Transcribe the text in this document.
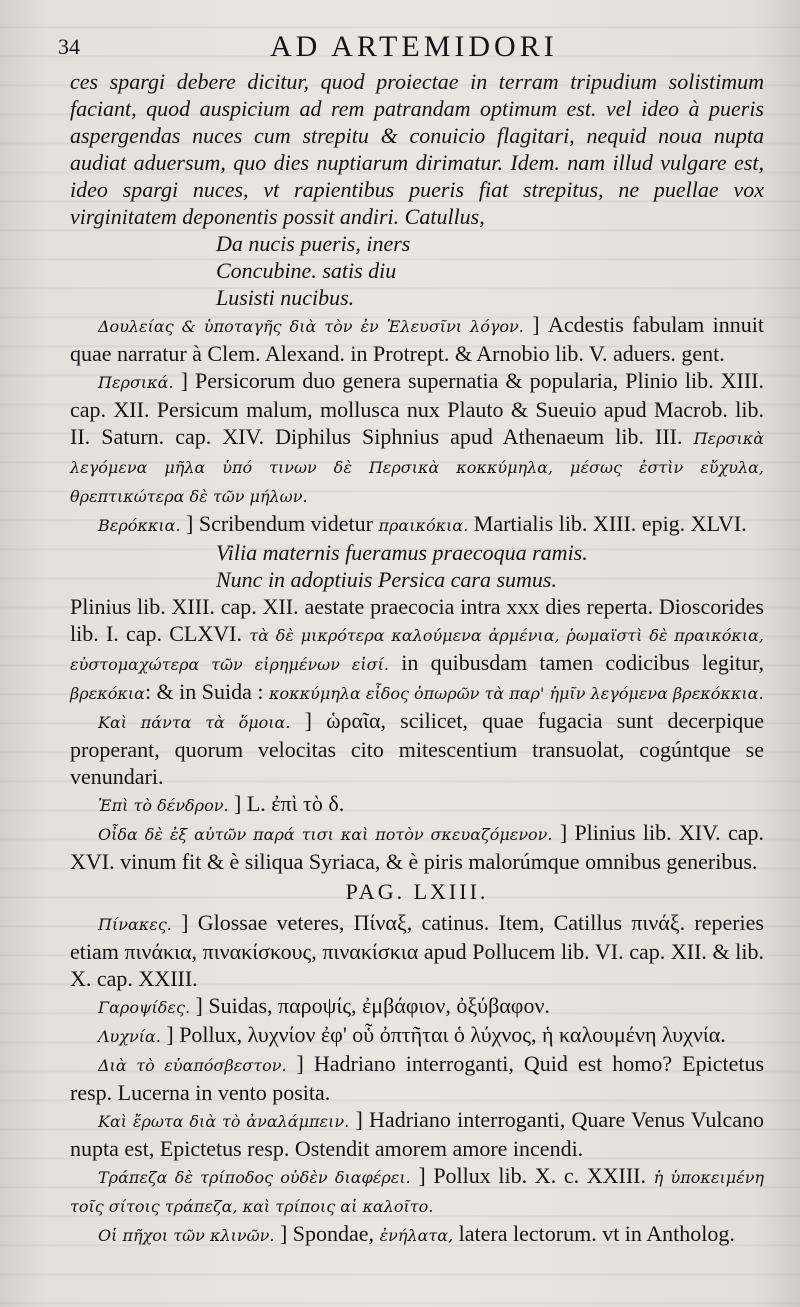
34	AD ARTEMIDORI

ces spargi debere dicitur, quod proiectae in terram tripudium solistimum faciant, quod auspicium ad rem patrandam optimum est. vel ideo à pueris aspergendas nuces cum strepitu & conuicio flagitari, nequid noua nupta audiat aduersum, quo dies nuptiarum dirimatur. Idem. nam illud vulgare est, ideo spargi nuces, vt rapientibus pueris fiat strepitus, ne puellae vox virginitatem deponentis possit andiri. Catullus,

Da nucis pueris, iners

Concubine. satis diu

Lusisti nucibus.

Δουλείας & ὑποταγῆς διὰ τὸν ἐν Ἐλευσῖνι λόγον. ] Acdestis fabulam innuit quae narratur à Clem. Alexand. in Protrept. & Arnobio lib. V. aduers. gent.

Περσικά. ] Persicorum duo genera supernatia & popularia, Plinio lib. XIII. cap. XII. Persicum malum, mollusca nux Plauto & Sueuio apud Macrob. lib. II. Saturn. cap. XIV. Diphilus Siphnius apud Athenaeum lib. III. Περσικὰ λεγόμενα μῆλα ὑπό τινων δὲ Περσικὰ κοκκύμηλα, μέσως ἐστὶν εὔχυλα, θρεπτικώτερα δὲ τῶν μήλων.

Βερόκκια. ] Scribendum videtur πραικόκια. Martialis lib. XIII. epig. XLVI.

Vilia maternis fueramus praecoqua ramis.

Nunc in adoptiuis Persica cara sumus.

Plinius lib. XIII. cap. XII. aestate praecocia intra xxx dies reperta. Dioscorides lib. I. cap. CLXVI. τὰ δὲ μικρότερα καλούμενα ἀρμένια, ῥωμαϊστὶ δὲ πραικόκια, εὐστομαχώτερα τῶν εἰρημένων εἰσί. in quibusdam tamen codicibus legitur, βρεκόκια: & in Suida : κοκκύμηλα εἶδος ὀπωρῶν τὰ παρ' ἡμῖν λεγόμενα βρεκόκκια.

Καὶ πάντα τὰ ὅμοια. ] ὡραῖα, scilicet, quae fugacia sunt decerpique properant, quorum velocitas cito mitescentium transuolat, cogúntque se venundari.

Ἐπὶ τὸ δένδρον. ] L. ἐπὶ τὸ δ.

Οἶδα δὲ ἐξ αὐτῶν παρά τισι καὶ ποτὸν σκευαζόμενον. ] Plinius lib. XIV. cap. XVI. vinum fit & è siliqua Syriaca, & è piris malorúmque omnibus generibus.

PAG. LXIII.

Πίνακες. ] Glossae veteres, Πίναξ, catinus. Item, Catillus πινάξ. reperies etiam πινάκια, πινακίσκους, πινακίσκια apud Pollucem lib. VI. cap. XII. & lib. X. cap. XXIII.

Γαροψίδες. ] Suidas, παροψίς, ἐμβάφιον, ὀξύβαφον.

Λυχνία. ] Pollux, λυχνίον ἐφ' οὗ ὀπτῆται ὁ λύχνος, ἡ καλουμένη λυχνία.

Διὰ τὸ εὐαπόσβεστον. ] Hadriano interroganti, Quid est homo? Epictetus resp. Lucerna in vento posita.

Καὶ ἔρωτα διὰ τὸ ἀναλάμπειν. ] Hadriano interroganti, Quare Venus Vulcano nupta est, Epictetus resp. Ostendit amorem amore incendi.

Τράπεζα δὲ τρίποδος οὐδὲν διαφέρει. ] Pollux lib. X. c. XXIII. ἡ ὑποκειμένη τοῖς σίτοις τράπεζα, καὶ τρίποις αἱ καλοῖτο.

Οἱ πῆχοι τῶν κλινῶν. ] Spondae, ἐνήλατα, latera lectorum. vt in Antholog.
